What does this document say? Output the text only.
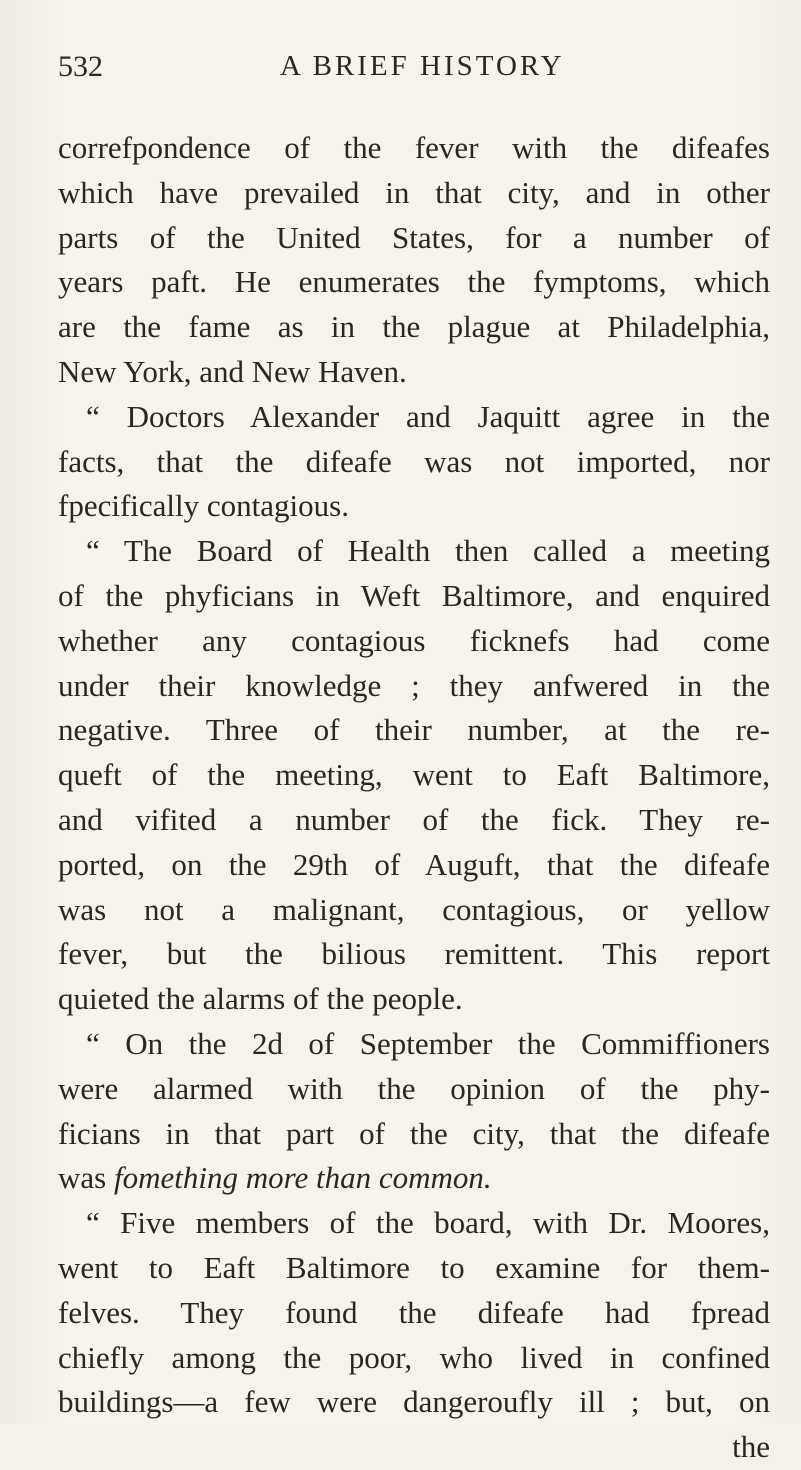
532	A BRIEF HISTORY
correfpondence of the fever with the difeafes
which have prevailed in that city, and in other
parts of the United States, for a number of
years paft. He enumerates the fymptoms, which
are the fame as in the plague at Philadelphia,
New York, and New Haven.
“ Doctors Alexander and Jaquitt agree in the
facts, that the difeafe was not imported, nor
fpecifically contagious.
“ The Board of Health then called a meeting
of the phyficians in Weft Baltimore, and enquired
whether any contagious ficknefs had come
under their knowledge ; they anfwered in the
negative. Three of their number, at the re-
queft of the meeting, went to Eaft Baltimore,
and vifited a number of the fick. They re-
ported, on the 29th of Auguft, that the difeafe
was not a malignant, contagious, or yellow
fever, but the bilious remittent. This report
quieted the alarms of the people.
“ On the 2d of September the Commiffioners
were alarmed with the opinion of the phy-
ficians in that part of the city, that the difeafe
was fomething more than common.
“ Five members of the board, with Dr. Moores,
went to Eaft Baltimore to examine for them-
felves. They found the difeafe had fpread
chiefly among the poor, who lived in confined
buildings—a few were dangeroufly ill ; but, on
the
